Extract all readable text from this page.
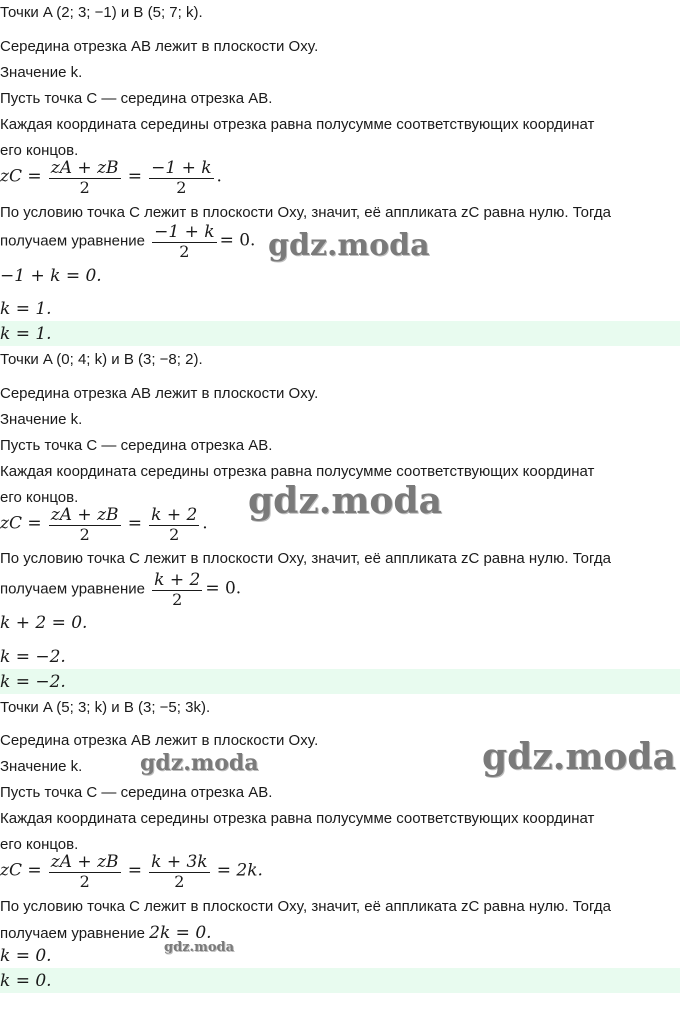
Точки A (2; 3; −1) и B (5; 7; k).
Середина отрезка AB лежит в плоскости Oxy.
Значение k.
Пусть точка C — середина отрезка AB.
Каждая координата середины отрезка равна полусумме соответствующих координат
его концов.
zC = $\frac{zA + zB}{2} = \frac{-1 + k}{2}$ .
По условию точка C лежит в плоскости Oxy, значит, её аппликата zC равна нулю. Тогда
получаем уравнение $\frac{-1 + k}{2} = 0$.
−1 + k = 0.
k = 1.
k = 1.
Точки A (0; 4; k) и B (3; −8; 2).
Середина отрезка AB лежит в плоскости Oxy.
Значение k.
Пусть точка C — середина отрезка AB.
Каждая координата середины отрезка равна полусумме соответствующих координат
его концов.
zC = $\frac{zA + zB}{2} = \frac{k + 2}{2}$ .
По условию точка C лежит в плоскости Oxy, значит, её аппликата zC равна нулю. Тогда
получаем уравнение $\frac{k + 2}{2} = 0$.
k + 2 = 0.
k = −2.
k = −2.
Точки A (5; 3; k) и B (3; −5; 3k).
Середина отрезка AB лежит в плоскости Oxy.
Значение k.
Пусть точка C — середина отрезка AB.
Каждая координата середины отрезка равна полусумме соответствующих координат
его концов.
zC = $\frac{zA + zB}{2} = \frac{k + 3k}{2} = 2k$.
По условию точка C лежит в плоскости Oxy, значит, её аппликата zC равна нулю. Тогда
получаем уравнение 2k = 0.
k = 0.
k = 0.
gdz.moda
gdz.moda
gdz.moda
gdz.moda
gdz.moda
